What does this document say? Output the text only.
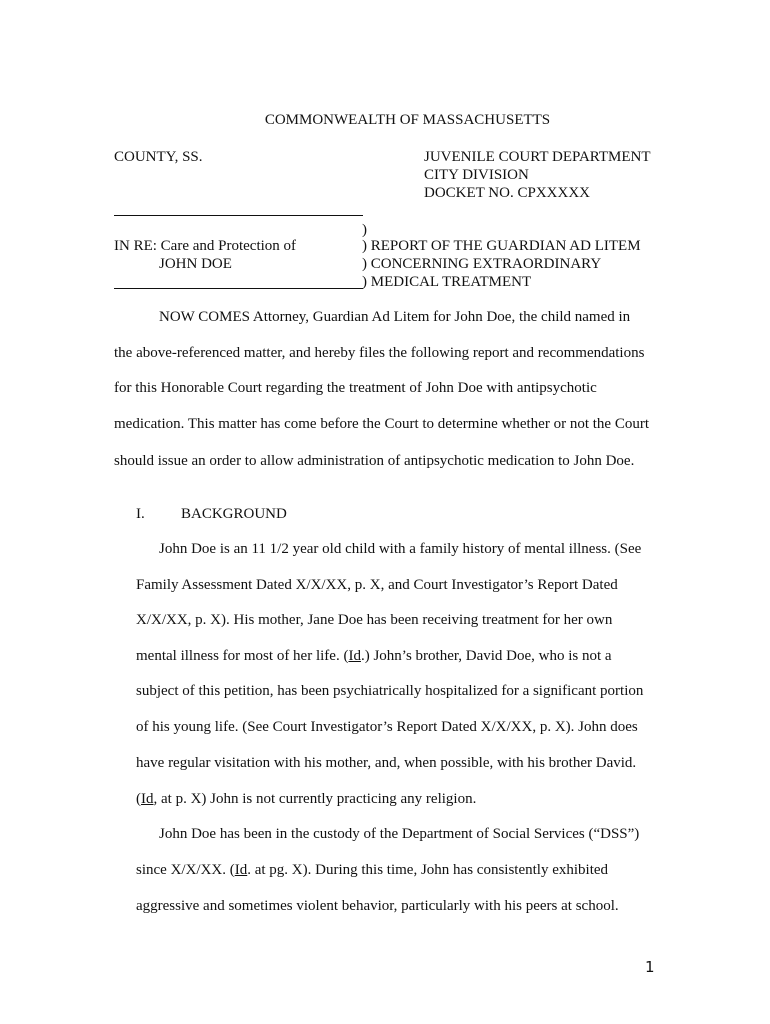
COMMONWEALTH OF MASSACHUSETTS
COUNTY, SS.	JUVENILE COURT DEPARTMENT
CITY DIVISION
DOCKET NO. CPXXXXX
)
IN RE: Care and Protection of	) REPORT OF THE GUARDIAN AD LITEM
JOHN DOE	) CONCERNING EXTRAORDINARY
) MEDICAL TREATMENT
NOW COMES Attorney, Guardian Ad Litem for John Doe, the child named in
the above-referenced matter, and hereby files the following report and recommendations
for this Honorable Court regarding the treatment of John Doe with antipsychotic
medication. This matter has come before the Court to determine whether or not the Court
should issue an order to allow administration of antipsychotic medication to John Doe.
I. BACKGROUND
John Doe is an 11 1/2 year old child with a family history of mental illness. (See
Family Assessment Dated X/X/XX, p. X, and Court Investigator’s Report Dated
X/X/XX, p. X). His mother, Jane Doe has been receiving treatment for her own
mental illness for most of her life. (Id.) John’s brother, David Doe, who is not a
subject of this petition, has been psychiatrically hospitalized for a significant portion
of his young life. (See Court Investigator’s Report Dated X/X/XX, p. X). John does
have regular visitation with his mother, and, when possible, with his brother David.
(Id, at p. X) John is not currently practicing any religion.
John Doe has been in the custody of the Department of Social Services (“DSS”)
since X/X/XX. (Id. at pg. X). During this time, John has consistently exhibited
aggressive and sometimes violent behavior, particularly with his peers at school.
1
